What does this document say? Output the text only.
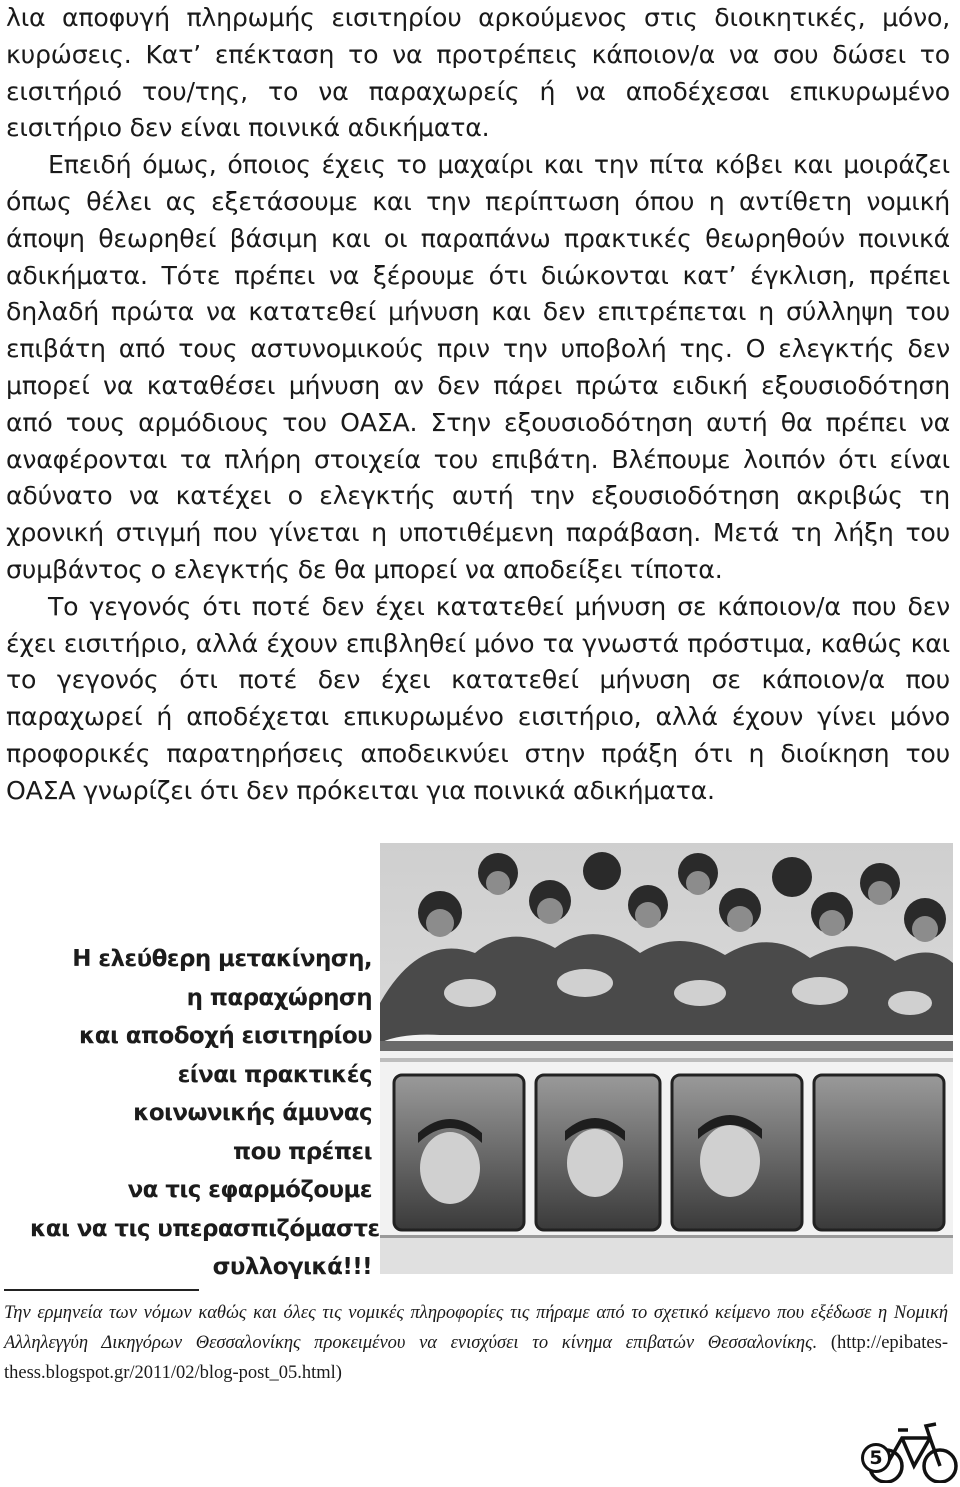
λια αποφυγή πληρωμής εισιτηρίου αρκούμενος στις διοικητικές, μόνο, κυρώσεις. Κατ’ επέκταση το να προτρέπεις κάποιον/α να σου δώσει το εισιτήριό του/της, το να παραχωρείς ή να αποδέχεσαι επικυρωμένο εισιτήριο δεν είναι ποινικά αδικήματα.

Επειδή όμως, όποιος έχεις το μαχαίρι και την πίτα κόβει και μοιράζει όπως θέλει ας εξετάσουμε και την περίπτωση όπου η αντίθετη νομική άποψη θεωρηθεί βάσιμη και οι παραπάνω πρακτικές θεωρηθούν ποινικά αδικήματα. Τότε πρέπει να ξέρουμε ότι διώκονται κατ’ έγκλιση, πρέπει δηλαδή πρώτα να κατατεθεί μήνυση και δεν επιτρέπεται η σύλληψη του επιβάτη από τους αστυνομικούς πριν την υποβολή της. Ο ελεγκτής δεν μπορεί να καταθέσει μήνυση αν δεν πάρει πρώτα ειδική εξουσιοδότηση από τους αρμόδιους του ΟΑΣΑ. Στην εξουσιοδότηση αυτή θα πρέπει να αναφέρονται τα πλήρη στοιχεία του επιβάτη. Βλέπουμε λοιπόν ότι είναι αδύνατο να κατέχει ο ελεγκτής αυτή την εξουσιοδότηση ακριβώς τη χρονική στιγμή που γίνεται η υποτιθέμενη παράβαση. Μετά τη λήξη του συμβάντος ο ελεγκτής δε θα μπορεί να αποδείξει τίποτα.

Το γεγονός ότι ποτέ δεν έχει κατατεθεί μήνυση σε κάποιον/α που δεν έχει εισιτήριο, αλλά έχουν επιβληθεί μόνο τα γνωστά πρόστιμα, καθώς και το γεγονός ότι ποτέ δεν έχει κατατεθεί μήνυση σε κάποιον/α που παραχωρεί ή αποδέχεται επικυρωμένο εισιτήριο, αλλά έχουν γίνει μόνο προφορικές παρατηρήσεις αποδεικνύει στην πράξη ότι η διοίκηση του ΟΑΣΑ γνωρίζει ότι δεν πρόκειται για ποινικά αδικήματα.

Η ελεύθερη μετακίνηση,
η παραχώρηση
και αποδοχή εισιτηρίου
είναι πρακτικές
κοινωνικής άμυνας
που πρέπει
να τις εφαρμόζουμε
και να τις υπερασπιζόμαστε
συλλογικά!!!
Την ερμηνεία των νόμων καθώς και όλες τις νομικές πληροφορίες τις πήραμε από το σχετικό κείμενο που εξέδωσε η Νομική Αλληλεγγύη Δικηγόρων Θεσσαλονίκης προκειμένου να ενισχύσει το κίνημα επιβατών Θεσσαλονίκης. (http://epibates-thess.blogspot.gr/2011/02/blog-post_05.html)
5
